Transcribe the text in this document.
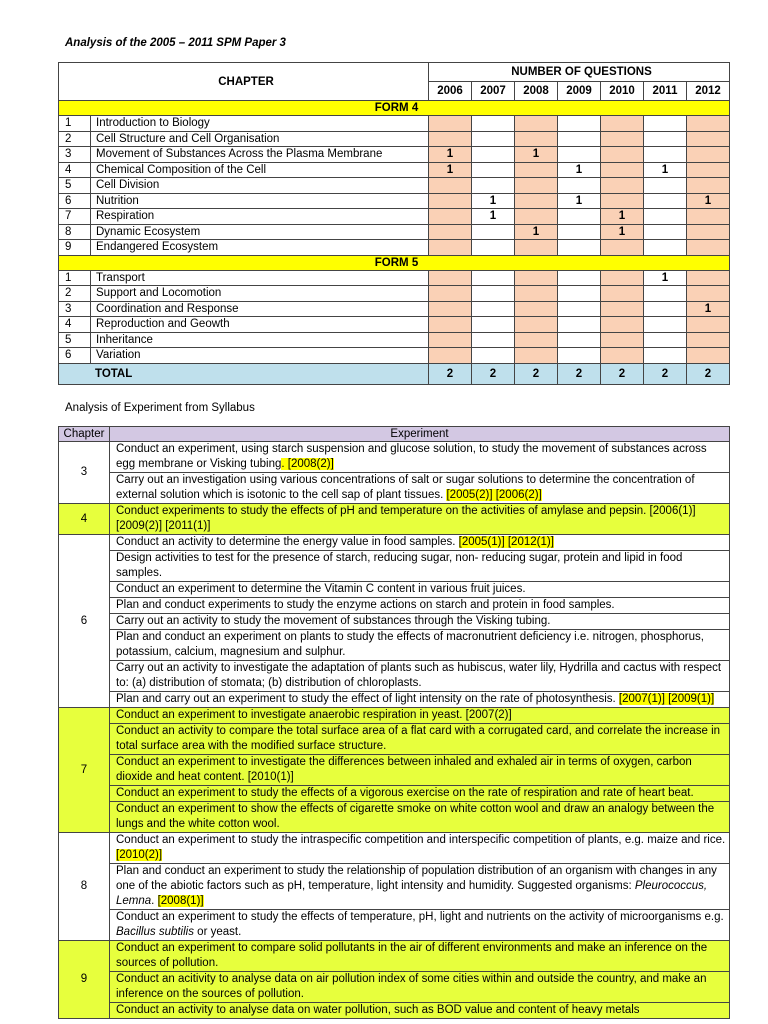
Analysis of the 2005 – 2011 SPM Paper 3
CHAPTER		NUMBER OF QUESTIONS						
		2006	2007	2008	2009	2010	2011	2012
FORM 4								
1	Introduction to Biology							
2	Cell Structure and Cell Organisation							
3	Movement of Substances Across the Plasma Membrane	1		1				
4	Chemical Composition of the Cell	1			1		1	
5	Cell Division							
6	Nutrition		1		1			1
7	Respiration		1			1		
8	Dynamic Ecosystem			1		1		
9	Endangered Ecosystem							
FORM 5								
1	Transport						1	
2	Support and Locomotion							
3	Coordination and Response							1
4	Reproduction and Geowth							
5	Inheritance							
6	Variation							
TOTAL		2	2	2	2	2	2	2
Analysis of Experiment from Syllabus
Chapter	Experiment
3	Conduct an experiment, using starch suspension and glucose solution, to study the movement of substances across egg membrane or Visking tubing. [2008(2)]
	Carry out an investigation using various concentrations of salt or sugar solutions to determine the concentration of external solution which is isotonic to the cell sap of plant tissues. [2005(2)] [2006(2)]
4	Conduct experiments to study the effects of pH and temperature on the activities of amylase and pepsin. [2006(1)] [2009(2)] [2011(1)]
6	Conduct an activity to determine the energy value in food samples. [2005(1)] [2012(1)]
	Design activities to test for the presence of starch, reducing sugar, non- reducing sugar, protein and lipid in food samples.
	Conduct an experiment to determine the Vitamin C content in various fruit juices.
	Plan and conduct experiments to study the enzyme actions on starch and protein in food samples.
	Carry out an activity to study the movement of substances through the Visking tubing.
	Plan and conduct an experiment on plants to study the effects of macronutrient deficiency i.e. nitrogen, phosphorus, potassium, calcium, magnesium and sulphur.
	Carry out an activity to investigate the adaptation of plants such as hubiscus, water lily, Hydrilla and cactus with respect to: (a) distribution of stomata; (b) distribution of chloroplasts.
	Plan and carry out an experiment to study the effect of light intensity on the rate of photosynthesis. [2007(1)] [2009(1)]
7	Conduct an experiment to investigate anaerobic respiration in yeast. [2007(2)]
	Conduct an activity to compare the total surface area of a flat card with a corrugated card, and correlate the increase in total surface area with the modified surface structure.
	Conduct an experiment to investigate the differences between inhaled and exhaled air in terms of oxygen, carbon dioxide and heat content. [2010(1)]
	Conduct an experiment to study the effects of a vigorous exercise on the rate of respiration and rate of heart beat.
	Conduct an experiment to show the effects of cigarette smoke on white cotton wool and draw an analogy between the lungs and the white cotton wool.
8	Conduct an experiment to study the intraspecific competition and interspecific competition of plants, e.g. maize and rice. [2010(2)]
	Plan and conduct an experiment to study the relationship of population distribution of an organism with changes in any one of the abiotic factors such as pH, temperature, light intensity and humidity. Suggested organisms: Pleurococcus, Lemna. [2008(1)]
	Conduct an experiment to study the effects of temperature, pH, light and nutrients on the activity of microorganisms e.g. Bacillus subtilis or yeast.
9	Conduct an experiment to compare solid pollutants in the air of different environments and make an inference on the sources of pollution.
	Conduct an acitivity to analyse data on air pollution index of some cities within and outside the country, and make an inference on the sources of pollution.
	Conduct an activity to analyse data on water pollution, such as BOD value and content of heavy metals
